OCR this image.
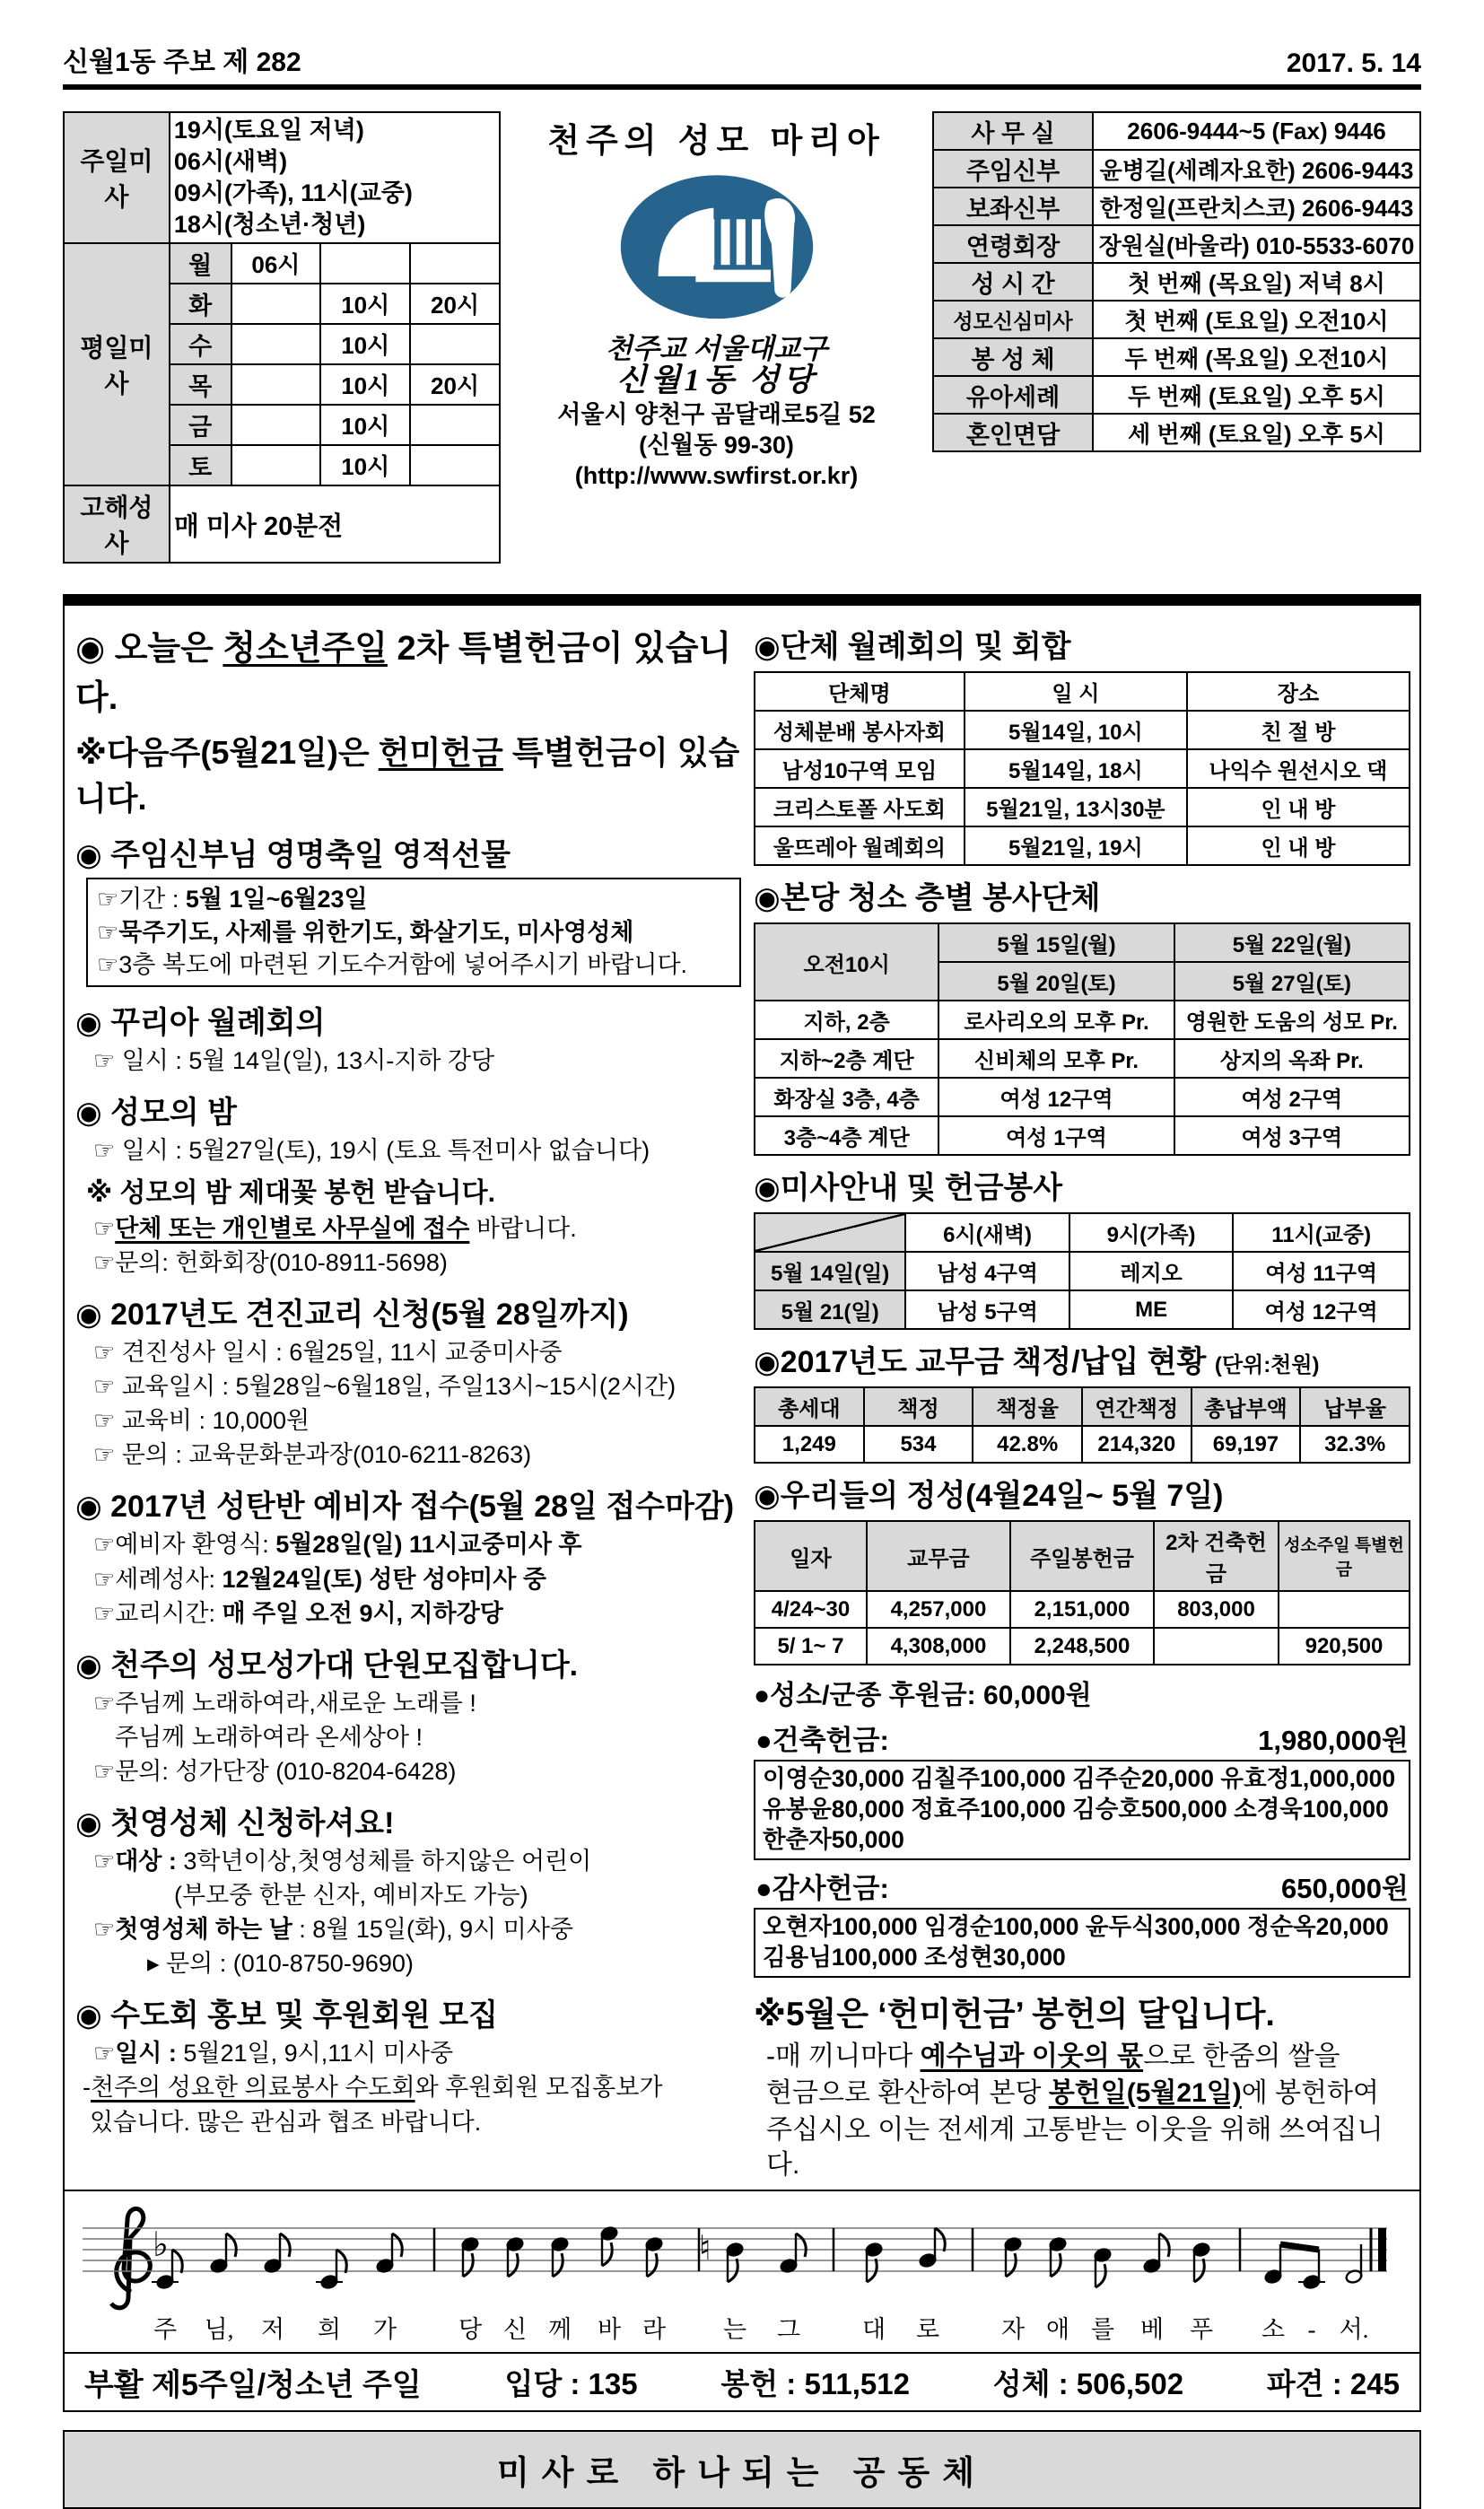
신월1동 주보 제 282	2017. 5. 14
주일미사	19시(토요일 저녁)
06시(새벽)
09시(가족), 11시(교중)
18시(청소년·청년)			

평일미사	월	06시		
	화		10시	20시
	수		10시	
	목		10시	20시
	금		10시	
	토		10시	
고해성사	매 미사 20분전			
천주의 성모 마리아
천주교 서울대교구
신월1동 성당
서울시 양천구 곰달래로5길 52
(신월동 99-30)
(http://www.swfirst.or.kr)
사 무 실	2606-9444~5 (Fax) 9446
주임신부	윤병길(세례자요한) 2606-9443
보좌신부	한정일(프란치스코) 2606-9443
연령회장	장원실(바울라) 010-5533-6070
성 시 간	첫 번째 (목요일) 저녁 8시
성모신심미사	첫 번째 (토요일) 오전10시
봉 성 체	두 번째 (목요일) 오전10시
유아세례	두 번째 (토요일) 오후 5시
혼인면담	세 번째 (토요일) 오후 5시
◉ 오늘은 청소년주일 2차 특별헌금이 있습니다.
※다음주(5월21일)은 헌미헌금 특별헌금이 있습니다.
◉ 주임신부님 영명축일 영적선물
☞기간 : 5월 1일~6월23일
☞묵주기도, 사제를 위한기도, 화살기도, 미사영성체
☞3층 복도에 마련된 기도수거함에 넣어주시기 바랍니다.
◉ 꾸리아 월례회의
☞ 일시 : 5월 14일(일), 13시-지하 강당
◉ 성모의 밤
☞ 일시 : 5월27일(토), 19시 (토요 특전미사 없습니다)
※ 성모의 밤 제대꽃 봉헌 받습니다.
☞단체 또는 개인별로 사무실에 접수 바랍니다.
☞문의: 헌화회장(010-8911-5698)
◉ 2017년도 견진교리 신청(5월 28일까지)
☞ 견진성사 일시 : 6월25일, 11시 교중미사중
☞ 교육일시 : 5월28일~6월18일, 주일13시~15시(2시간)
☞ 교육비 : 10,000원
☞ 문의 : 교육문화분과장(010-6211-8263)
◉ 2017년 성탄반 예비자 접수(5월 28일 접수마감)
☞예비자 환영식: 5월28일(일) 11시교중미사 후
☞세례성사: 12월24일(토) 성탄 성야미사 중
☞교리시간: 매 주일 오전 9시, 지하강당
◉ 천주의 성모성가대 단원모집합니다.
☞주님께 노래하여라,새로운 노래를 !
주님께 노래하여라 온세상아 !
☞문의: 성가단장 (010-8204-6428)
◉ 첫영성체 신청하셔요!
☞대상 : 3학년이상,첫영성체를 하지않은 어린이
(부모중 한분 신자, 예비자도 가능)
☞첫영성체 하는 날 : 8월 15일(화), 9시 미사중
▸ 문의 : (010-8750-9690)
◉ 수도회 홍보 및 후원회원 모집
☞일시 : 5월21일, 9시,11시 미사중
-천주의 성요한 의료봉사 수도회와 후원회원 모집홍보가
있습니다. 많은 관심과 협조 바랍니다.
◉단체 월례회의 및 회합
단체명	일 시	장소
성체분배 봉사자회	5월14일, 10시	친 절 방
남성10구역 모임	5월14일, 18시	나익수 원선시오 댁
크리스토폴 사도회	5월21일, 13시30분	인 내 방
울뜨레아 월례회의	5월21일, 19시	인 내 방
◉본당 청소 층별 봉사단체
오전10시	5월 15일(월)	5월 22일(월)
	5월 20일(토)	5월 27일(토)
지하, 2층	로사리오의 모후 Pr.	영원한 도움의 성모 Pr.
지하~2층 계단	신비체의 모후 Pr.	상지의 옥좌 Pr.
화장실 3층, 4층	여성 12구역	여성 2구역
3층~4층 계단	여성 1구역	여성 3구역
◉미사안내 및 헌금봉사
	6시(새벽)	9시(가족)	11시(교중)
5월 14일(일)	남성 4구역	레지오	여성 11구역
5월 21(일)	남성 5구역	ME	여성 12구역
◉2017년도 교무금 책정/납입 현황 (단위:천원)
총세대	책정	책정율	연간책정	총납부액	납부율
1,249	534	42.8%	214,320	69,197	32.3%
◉우리들의 정성(4월24일~ 5월 7일)
일자	교무금	주일봉헌금	2차 건축헌금	성소주일 특별헌금
4/24~30	4,257,000	2,151,000	803,000	
5/ 1~ 7	4,308,000	2,248,500		920,500
●성소/군종 후원금: 60,000원
●건축헌금:	1,980,000원
이영순30,000 김칠주100,000 김주순20,000 유효정1,000,000
유봉윤80,000 정효주100,000 김승호500,000 소경욱100,000
한춘자50,000
●감사헌금:	650,000원
오현자100,000 임경순100,000 윤두식300,000 정순옥20,000
김용님100,000 조성현30,000
※5월은 ‘헌미헌금’ 봉헌의 달입니다.
-매 끼니마다 예수님과 이웃의 몫으로 한줌의 쌀을
현금으로 환산하여 본당 봉헌일(5월21일)에 봉헌하여
주십시오 이는 전세계 고통받는 이웃을 위해 쓰여집니다.
♭	♮
주 님, 저 희 가	당 신 께 바 라 는 그	대 로	자 애 를 베 푸 소 - 서.
부활 제5주일/청소년 주일	입당 : 135	봉헌 : 511,512	성체 : 506,502	파견 : 245
미사로 하나되는 공동체
